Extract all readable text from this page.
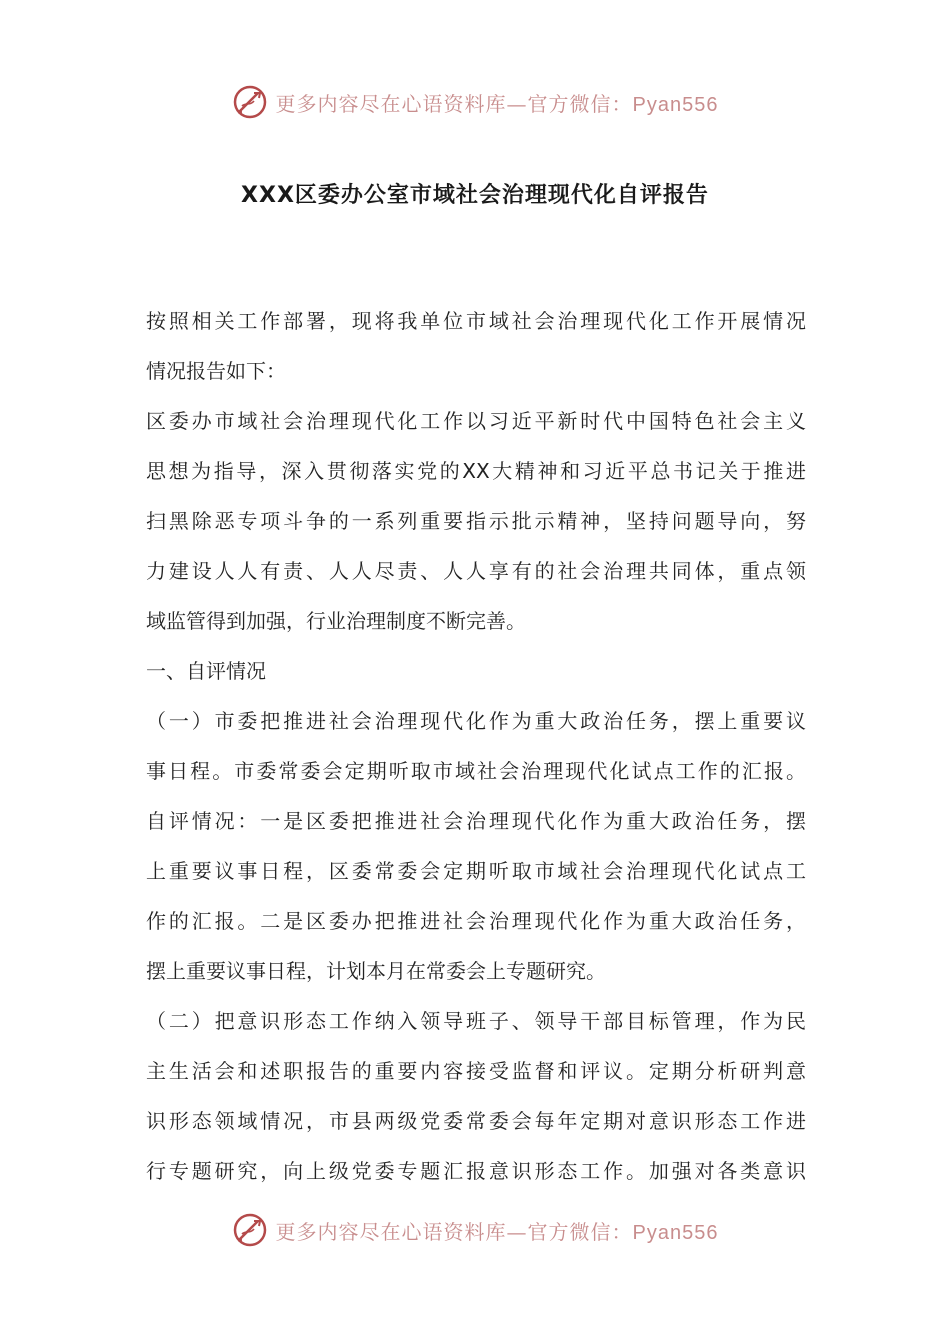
更多内容尽在心语资料库—官方微信：Pyan556
XXX区委办公室市域社会治理现代化自评报告
按照相关工作部署，现将我单位市域社会治理现代化工作开展情况
情况报告如下：
区委办市域社会治理现代化工作以习近平新时代中国特色社会主义
思想为指导，深入贯彻落实党的XX大精神和习近平总书记关于推进
扫黑除恶专项斗争的一系列重要指示批示精神，坚持问题导向，努
力建设人人有责、人人尽责、人人享有的社会治理共同体，重点领
域监管得到加强，行业治理制度不断完善。
一、自评情况
（一）市委把推进社会治理现代化作为重大政治任务，摆上重要议
事日程。市委常委会定期听取市域社会治理现代化试点工作的汇报。
自评情况：一是区委把推进社会治理现代化作为重大政治任务，摆
上重要议事日程，区委常委会定期听取市域社会治理现代化试点工
作的汇报。二是区委办把推进社会治理现代化作为重大政治任务，
摆上重要议事日程，计划本月在常委会上专题研究。
（二）把意识形态工作纳入领导班子、领导干部目标管理，作为民
主生活会和述职报告的重要内容接受监督和评议。定期分析研判意
识形态领域情况，市县两级党委常委会每年定期对意识形态工作进
行专题研究，向上级党委专题汇报意识形态工作。加强对各类意识
更多内容尽在心语资料库—官方微信：Pyan556
